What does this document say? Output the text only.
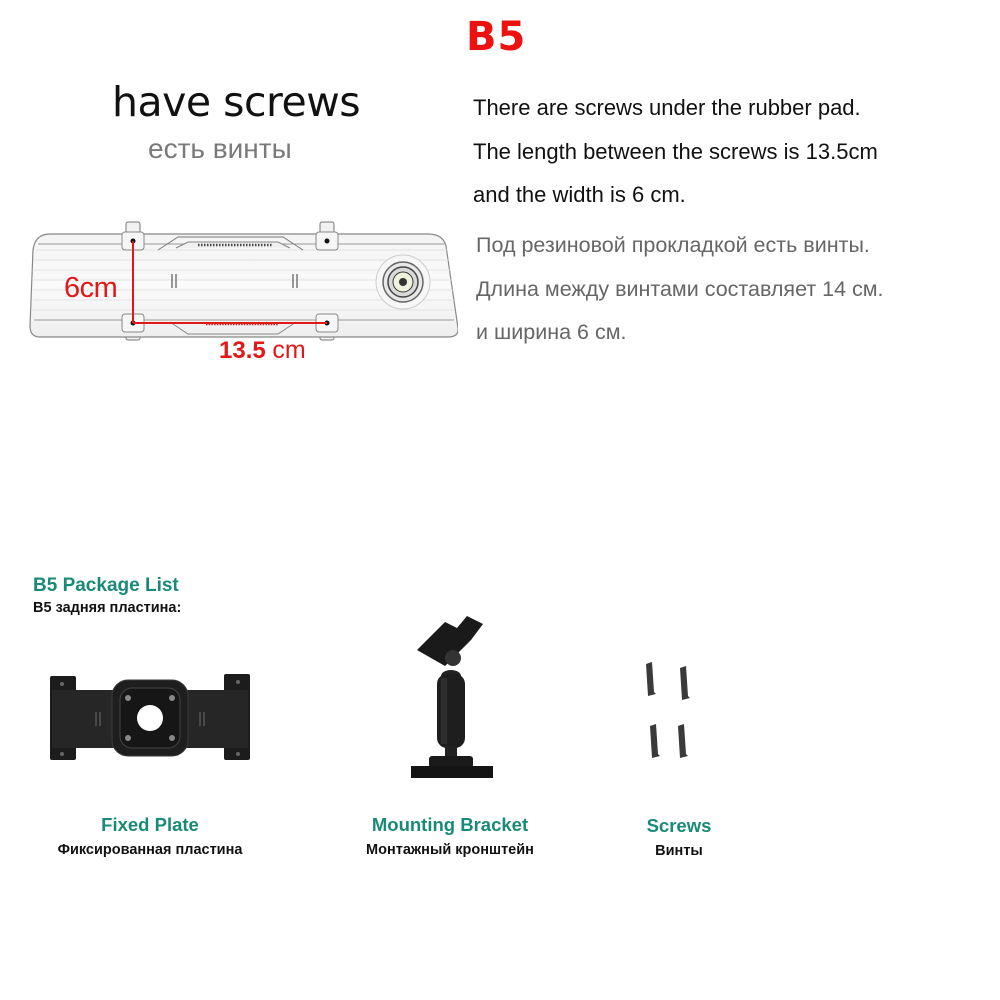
B5
have screws
есть винты
There are screws under the rubber pad.
The length between the screws is 13.5cm
and the width is 6 cm.
Под резиновой прокладкой есть винты.
Длина между винтами составляет 14 см.
и ширина 6 см.
6cm
13.5 cm
B5 Package List
B5 задняя пластина:
Fixed Plate
Фиксированная пластина
Mounting Bracket
Монтажный кронштейн
Screws
Винты
